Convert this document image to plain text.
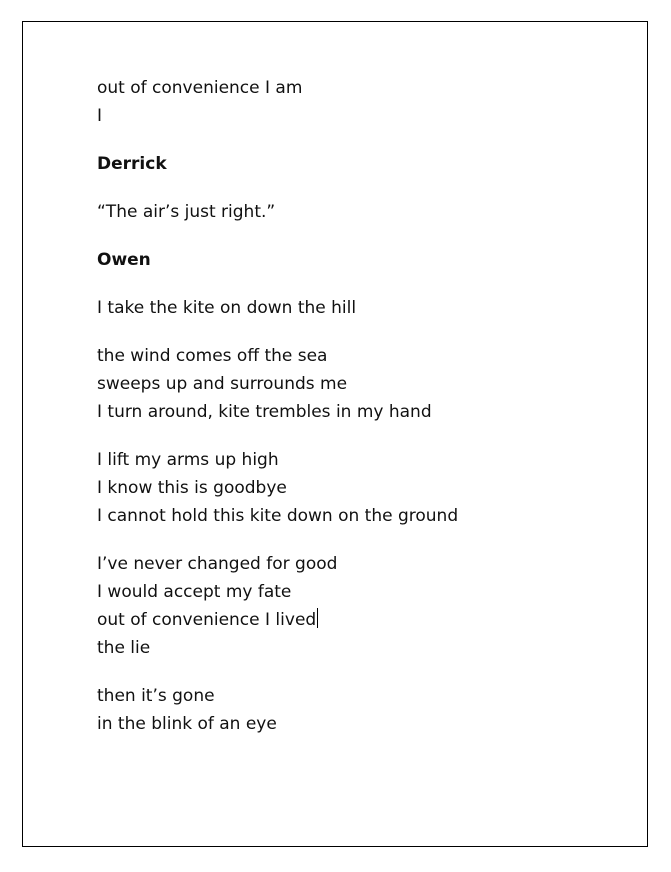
out of convenience I am
I
Derrick
“The air’s just right.”
Owen
I take the kite on down the hill
the wind comes off the sea
sweeps up and surrounds me
I turn around, kite trembles in my hand
I lift my arms up high
I know this is goodbye
I cannot hold this kite down on the ground
I’ve never changed for good
I would accept my fate
out of convenience I lived
the lie
then it’s gone
in the blink of an eye
